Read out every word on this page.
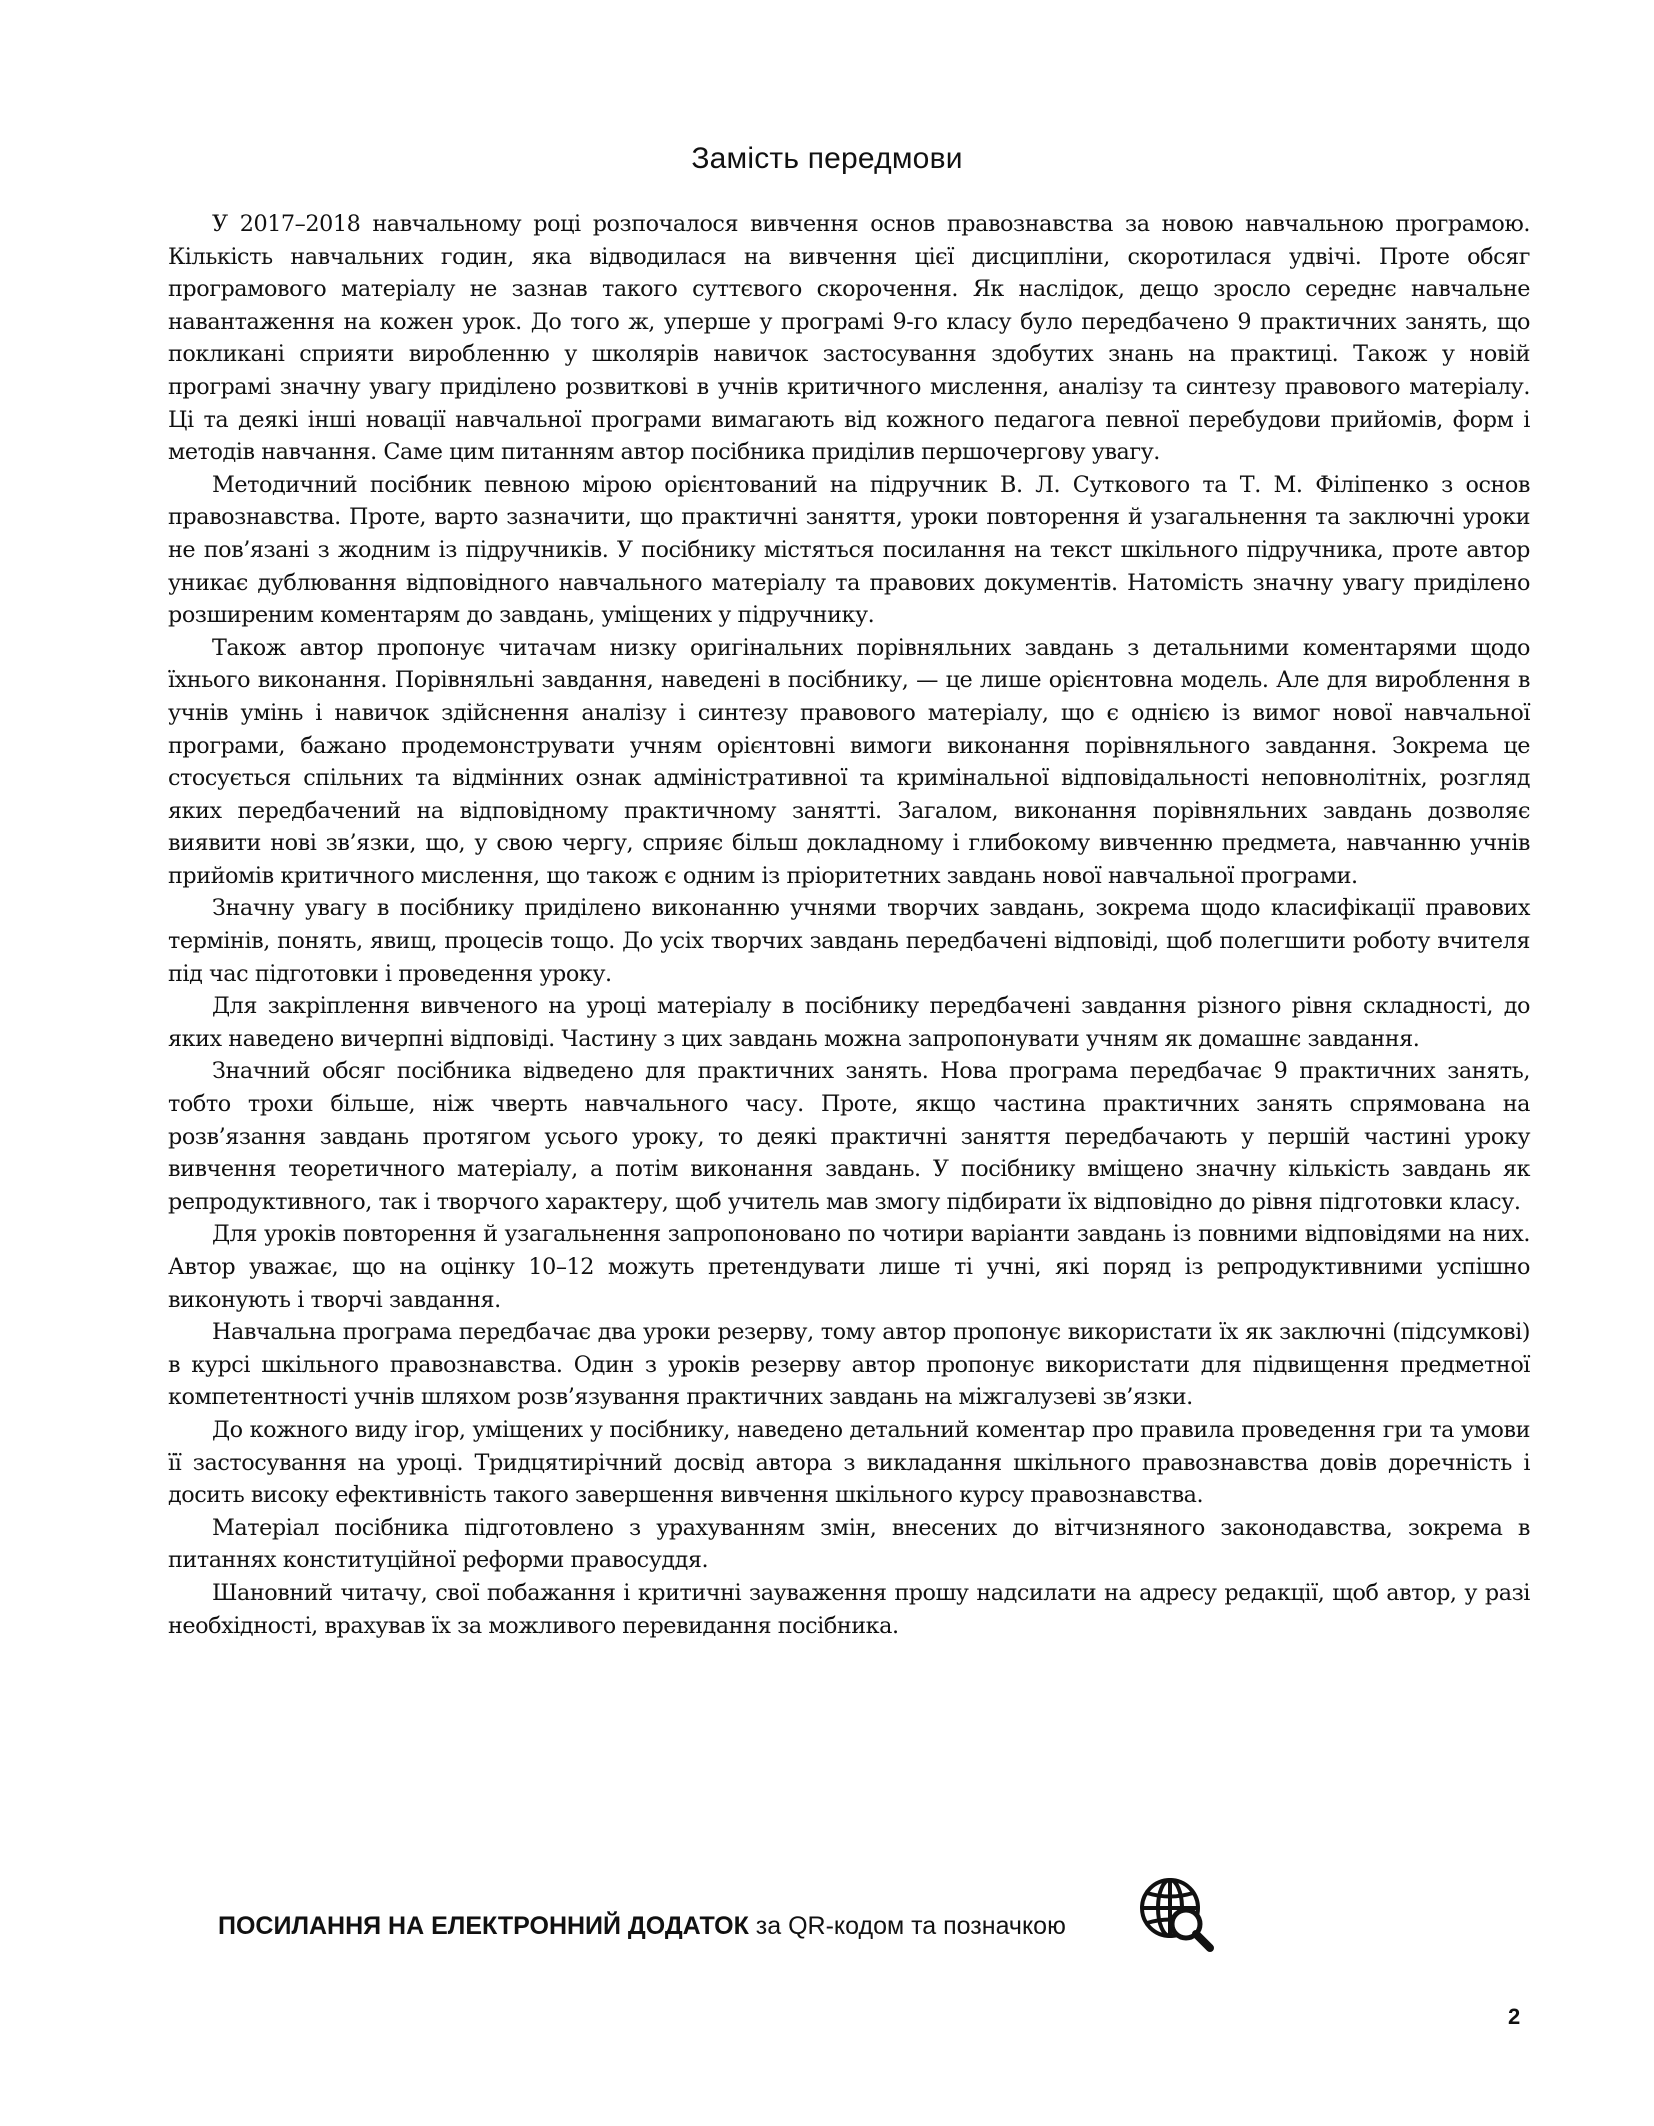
Замість передмови

У 2017–2018 навчальному році розпочалося вивчення основ правознавства за новою навчальною програмою. Кількість навчальних годин, яка відводилася на вивчення цієї дисципліни, скоротилася удвічі. Проте обсяг програмового матеріалу не зазнав такого суттєвого скорочення. Як наслідок, дещо зросло середнє навчальне навантаження на кожен урок. До того ж, уперше у програмі 9-го класу було передбачено 9 практичних занять, що покликані сприяти виробленню у школярів навичок застосування здобутих знань на практиці. Також у новій програмі значну увагу приділено розвиткові в учнів критичного мислення, аналізу та синтезу правового матеріалу. Ці та деякі інші новації навчальної програми вимагають від кожного педагога певної перебудови прийомів, форм і методів навчання. Саме цим питанням автор посібника приділив першочергову увагу.

Методичний посібник певною мірою орієнтований на підручник В. Л. Суткового та Т. М. Філіпенко з основ правознавства. Проте, варто зазначити, що практичні заняття, уроки повторення й узагальнення та заключні уроки не пов’язані з жодним із підручників. У посібнику містяться посилання на текст шкільного підручника, проте автор уникає дублювання відповідного навчального матеріалу та правових документів. Натомість значну увагу приділено розширеним коментарям до завдань, уміщених у підручнику.

Також автор пропонує читачам низку оригінальних порівняльних завдань з детальними коментарями щодо їхнього виконання. Порівняльні завдання, наведені в посібнику, — це лише орієнтовна модель. Але для вироблення в учнів умінь і навичок здійснення аналізу і синтезу правового матеріалу, що є однією із вимог нової навчальної програми, бажано продемонструвати учням орієнтовні вимоги виконання порівняльного завдання. Зокрема це стосується спільних та відмінних ознак адміністративної та кримінальної відповідальності неповнолітніх, розгляд яких передбачений на відповідному практичному занятті. Загалом, виконання порівняльних завдань дозволяє виявити нові зв’язки, що, у свою чергу, сприяє більш докладному і глибокому вивченню предмета, навчанню учнів прийомів критичного мислення, що також є одним із пріоритетних завдань нової навчальної програми.

Значну увагу в посібнику приділено виконанню учнями творчих завдань, зокрема щодо класифікації правових термінів, понять, явищ, процесів тощо. До усіх творчих завдань передбачені відповіді, щоб полегшити роботу вчителя під час підготовки і проведення уроку.

Для закріплення вивченого на уроці матеріалу в посібнику передбачені завдання різного рівня складності, до яких наведено вичерпні відповіді. Частину з цих завдань можна запропонувати учням як домашнє завдання.

Значний обсяг посібника відведено для практичних занять. Нова програма передбачає 9 практичних занять, тобто трохи більше, ніж чверть навчального часу. Проте, якщо частина практичних занять спрямована на розв’язання завдань протягом усього уроку, то деякі практичні заняття передбачають у першій частині уроку вивчення теоретичного матеріалу, а потім виконання завдань. У посібнику вміщено значну кількість завдань як репродуктивного, так і творчого характеру, щоб учитель мав змогу підбирати їх відповідно до рівня підготовки класу.

Для уроків повторення й узагальнення запропоновано по чотири варіанти завдань із повними відповідями на них. Автор уважає, що на оцінку 10–12 можуть претендувати лише ті учні, які поряд із репродуктивними успішно виконують і творчі завдання.

Навчальна програма передбачає два уроки резерву, тому автор пропонує використати їх як заключні (підсумкові) в курсі шкільного правознавства. Один з уроків резерву автор пропонує використати для підвищення предметної компетентності учнів шляхом розв’язування практичних завдань на міжгалузеві зв’язки.

До кожного виду ігор, уміщених у посібнику, наведено детальний коментар про правила проведення гри та умови її застосування на уроці. Тридцятирічний досвід автора з викладання шкільного правознавства довів доречність і досить високу ефективність такого завершення вивчення шкільного курсу правознавства.

Матеріал посібника підготовлено з урахуванням змін, внесених до вітчизняного законодавства, зокрема в питаннях конституційної реформи правосуддя.

Шановний читачу, свої побажання і критичні зауваження прошу надсилати на адресу редакції, щоб автор, у разі необхідності, врахував їх за можливого перевидання посібника.

ПОСИЛАННЯ НА ЕЛЕКТРОННИЙ ДОДАТОК за QR-кодом та позначкою
2
